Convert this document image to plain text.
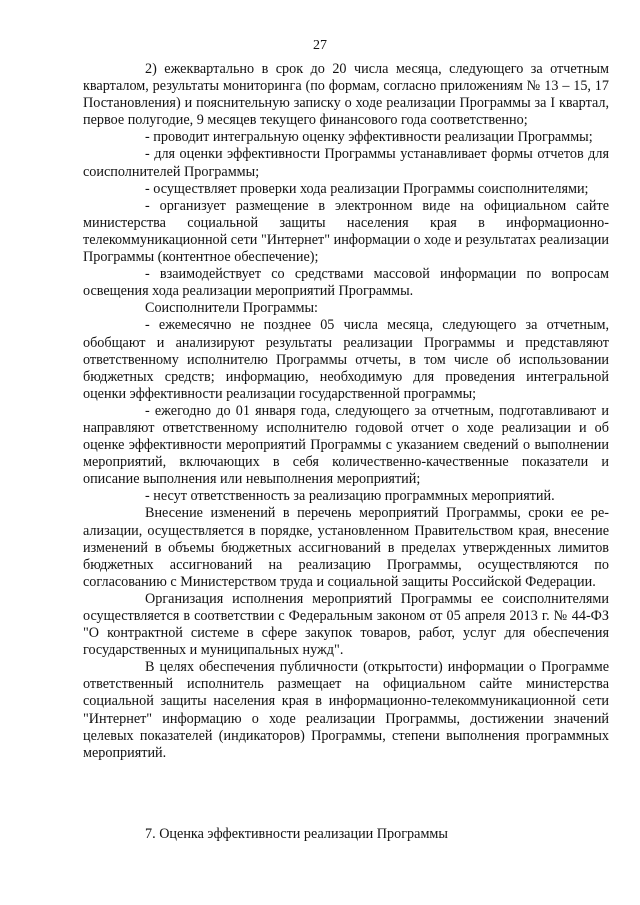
27

2) ежеквартально в срок до 20 числа месяца, следующего за отчетным кварталом, результаты мониторинга (по формам, согласно приложениям № 13 – 15, 17 Постановления) и пояснительную записку о ходе реализации Программы за I квартал, первое полугодие, 9 месяцев текущего финансового года соответственно;

- проводит интегральную оценку эффективности реализации Программы;

- для оценки эффективности Программы устанавливает формы отчетов для соисполнителей Программы;

- осуществляет проверки хода реализации Программы соисполнителями;

- организует размещение в электронном виде на официальном сайте министерства социальной защиты населения края в информационно-телекоммуникационной сети "Интернет" информации о ходе и результатах реализации Программы (контентное обеспечение);

- взаимодействует со средствами массовой информации по вопросам освещения хода реализации мероприятий Программы.

Соисполнители Программы:

- ежемесячно не позднее 05 числа месяца, следующего за отчетным, обобщают и анализируют результаты реализации Программы и представляют ответственному исполнителю Программы отчеты, в том числе об использовании бюджетных средств; информацию, необходимую для проведения интегральной оценки эффективности реализации государственной программы;

- ежегодно до 01 января года, следующего за отчетным, подготавливают и направляют ответственному исполнителю годовой отчет о ходе реализации и об оценке эффективности мероприятий Программы с указанием сведений о выполнении мероприятий, включающих в себя количественно-качественные показатели и описание выполнения или невыполнения мероприятий;

- несут ответственность за реализацию программных мероприятий.

Внесение изменений в перечень мероприятий Программы, сроки ее реализации, осуществляется в порядке, установленном Правительством края, внесение изменений в объемы бюджетных ассигнований в пределах утвержденных лимитов бюджетных ассигнований на реализацию Программы, осуществляются по согласованию с Министерством труда и социальной защиты Российской Федерации.

Организация исполнения мероприятий Программы ее соисполнителями осуществляется в соответствии с Федеральным законом от 05 апреля 2013 г. № 44-ФЗ "О контрактной системе в сфере закупок товаров, работ, услуг для обеспечения государственных и муниципальных нужд".

В целях обеспечения публичности (открытости) информации о Программе ответственный исполнитель размещает на официальном сайте министерства социальной защиты населения края в информационно-телекоммуникационной сети "Интернет" информацию о ходе реализации Программы, достижении значений целевых показателей (индикаторов) Программы, степени выполнения программных мероприятий.

7. Оценка эффективности реализации Программы
